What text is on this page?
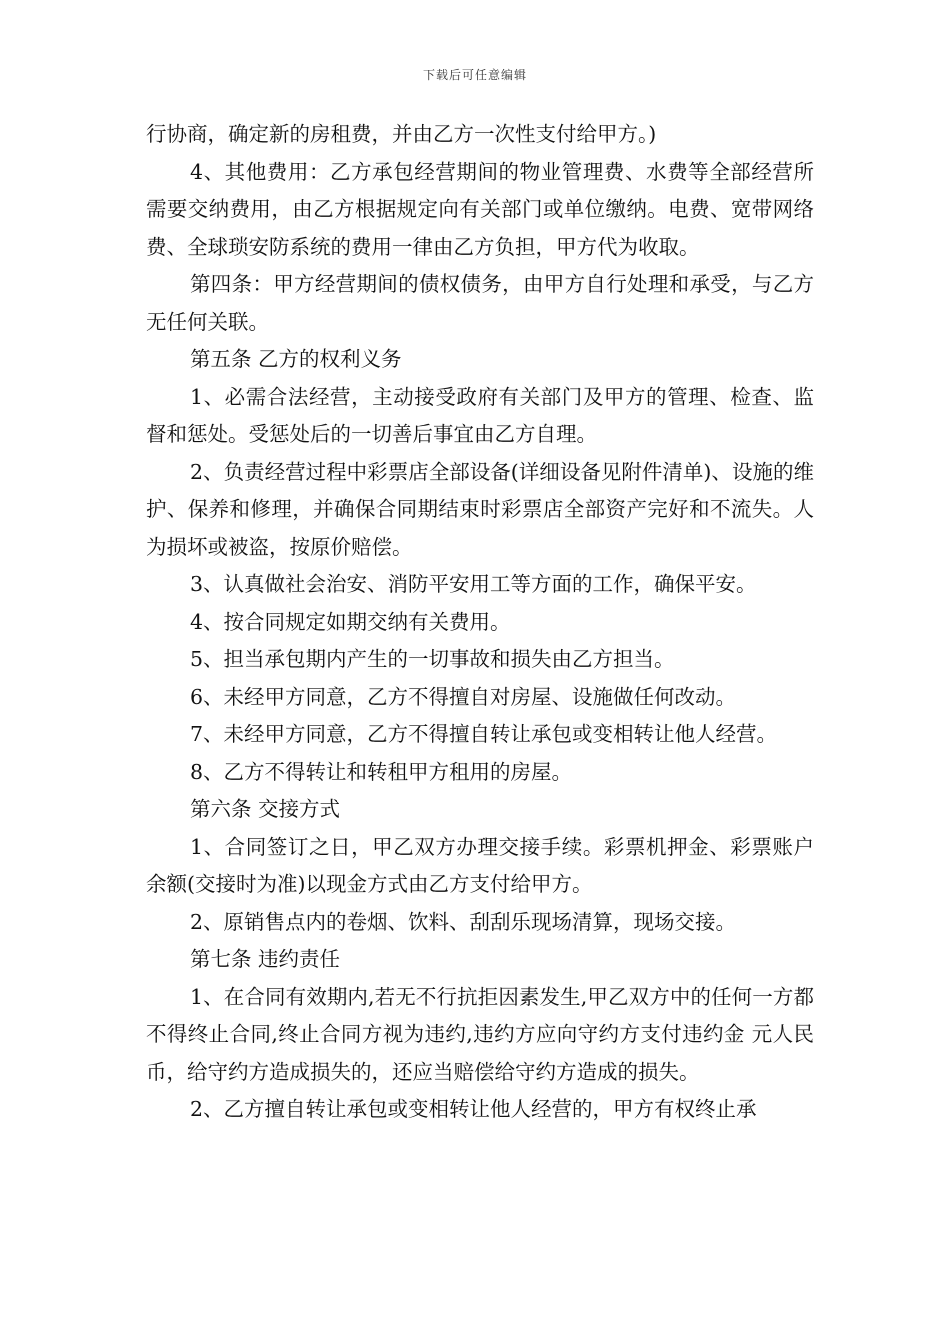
下载后可任意编辑

行协商，确定新的房租费，并由乙方一次性支付给甲方。)

4、其他费用：乙方承包经营期间的物业管理费、水费等全部经营所需要交纳费用，由乙方根据规定向有关部门或单位缴纳。电费、宽带网络费、全球琐安防系统的费用一律由乙方负担，甲方代为收取。

第四条：甲方经营期间的债权债务，由甲方自行处理和承受，与乙方无任何关联。

第五条 乙方的权利义务

1、必需合法经营，主动接受政府有关部门及甲方的管理、检查、监督和惩处。受惩处后的一切善后事宜由乙方自理。

2、负责经营过程中彩票店全部设备(详细设备见附件清单)、设施的维护、保养和修理，并确保合同期结束时彩票店全部资产完好和不流失。人为损坏或被盗，按原价赔偿。

3、认真做社会治安、消防平安用工等方面的工作，确保平安。

4、按合同规定如期交纳有关费用。

5、担当承包期内产生的一切事故和损失由乙方担当。

6、未经甲方同意，乙方不得擅自对房屋、设施做任何改动。

7、未经甲方同意，乙方不得擅自转让承包或变相转让他人经营。

8、乙方不得转让和转租甲方租用的房屋。

第六条 交接方式

1、合同签订之日，甲乙双方办理交接手续。彩票机押金、彩票账户余额(交接时为准)以现金方式由乙方支付给甲方。

2、原销售点内的卷烟、饮料、刮刮乐现场清算，现场交接。

第七条 违约责任

1、在合同有效期内,若无不行抗拒因素发生,甲乙双方中的任何一方都不得终止合同,终止合同方视为违约,违约方应向守约方支付违约金 元人民币，给守约方造成损失的，还应当赔偿给守约方造成的损失。

2、乙方擅自转让承包或变相转让他人经营的，甲方有权终止承
